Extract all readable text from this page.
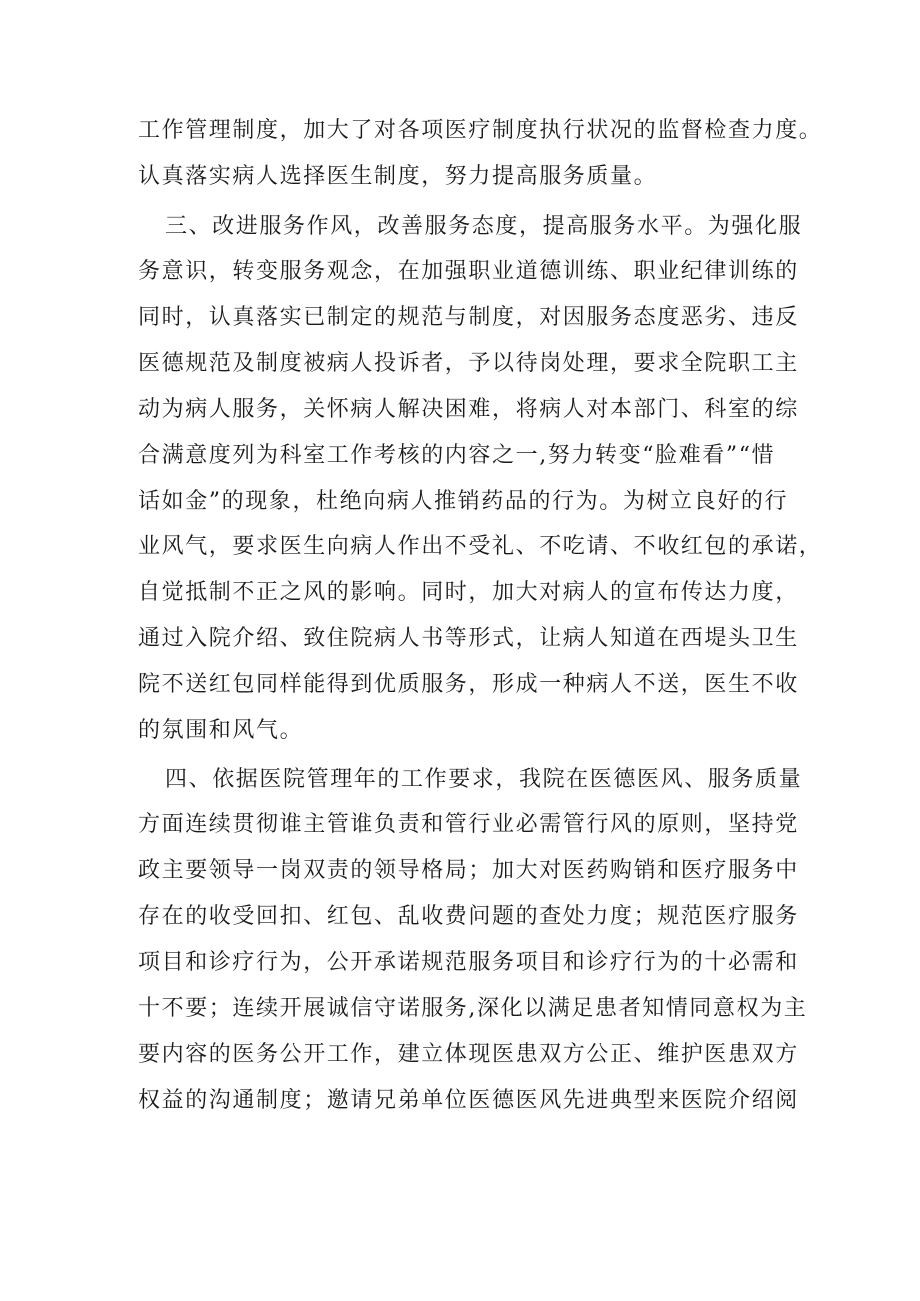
工作管理制度，加大了对各项医疗制度执行状况的监督检查力度。
认真落实病人选择医生制度，努力提高服务质量。
三、改进服务作风，改善服务态度，提高服务水平。为强化服
务意识，转变服务观念，在加强职业道德训练、职业纪律训练的
同时，认真落实已制定的规范与制度，对因服务态度恶劣、违反
医德规范及制度被病人投诉者，予以待岗处理，要求全院职工主
动为病人服务，关怀病人解决困难，将病人对本部门、科室的综
合满意度列为科室工作考核的内容之一,努力转变“脸难看”“惜
话如金”的现象，杜绝向病人推销药品的行为。为树立良好的行
业风气，要求医生向病人作出不受礼、不吃请、不收红包的承诺，
自觉抵制不正之风的影响。同时，加大对病人的宣布传达力度，
通过入院介绍、致住院病人书等形式，让病人知道在西堤头卫生
院不送红包同样能得到优质服务，形成一种病人不送，医生不收
的氛围和风气。
四、依据医院管理年的工作要求，我院在医德医风、服务质量
方面连续贯彻谁主管谁负责和管行业必需管行风的原则，坚持党
政主要领导一岗双责的领导格局；加大对医药购销和医疗服务中
存在的收受回扣、红包、乱收费问题的查处力度；规范医疗服务
项目和诊疗行为，公开承诺规范服务项目和诊疗行为的十必需和
十不要；连续开展诚信守诺服务,深化以满足患者知情同意权为主
要内容的医务公开工作，建立体现医患双方公正、维护医患双方
权益的沟通制度；邀请兄弟单位医德医风先进典型来医院介绍阅
